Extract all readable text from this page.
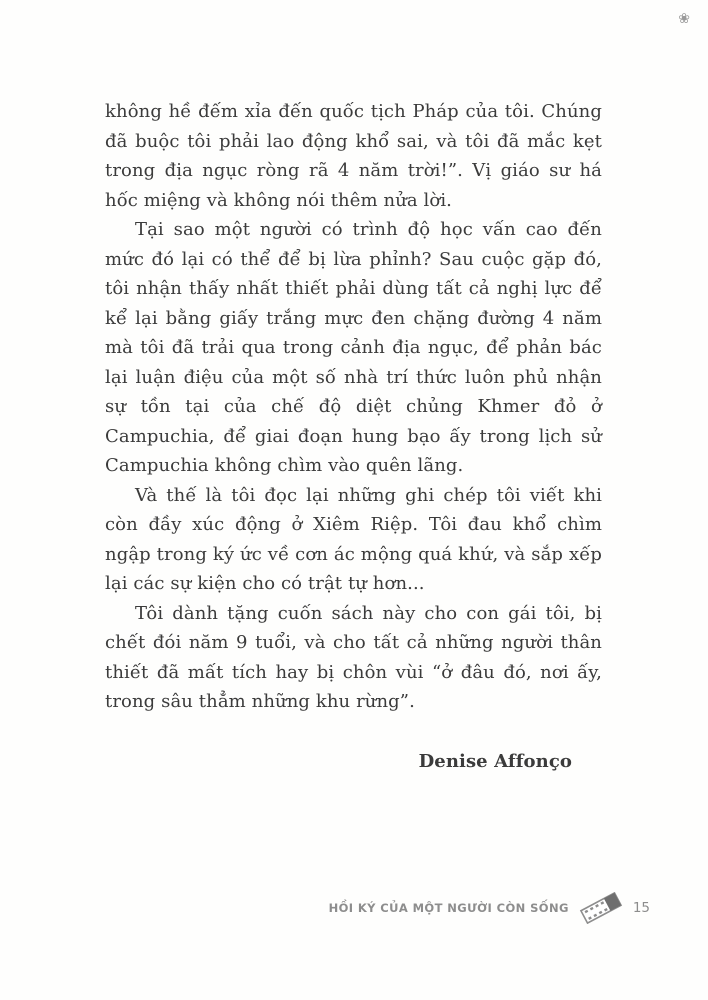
❀

không hề đếm xỉa đến quốc tịch Pháp của tôi. Chúng đã buộc tôi phải lao động khổ sai, và tôi đã mắc kẹt trong địa ngục ròng rã 4 năm trời!”. Vị giáo sư há hốc miệng và không nói thêm nửa lời.

Tại sao một người có trình độ học vấn cao đến mức đó lại có thể để bị lừa phỉnh? Sau cuộc gặp đó, tôi nhận thấy nhất thiết phải dùng tất cả nghị lực để kể lại bằng giấy trắng mực đen chặng đường 4 năm mà tôi đã trải qua trong cảnh địa ngục, để phản bác lại luận điệu của một số nhà trí thức luôn phủ nhận sự tồn tại của chế độ diệt chủng Khmer đỏ ở Campuchia, để giai đoạn hung bạo ấy trong lịch sử Campuchia không chìm vào quên lãng.

Và thế là tôi đọc lại những ghi chép tôi viết khi còn đầy xúc động ở Xiêm Riệp. Tôi đau khổ chìm ngập trong ký ức về cơn ác mộng quá khứ, và sắp xếp lại các sự kiện cho có trật tự hơn...

Tôi dành tặng cuốn sách này cho con gái tôi, bị chết đói năm 9 tuổi, và cho tất cả những người thân thiết đã mất tích hay bị chôn vùi “ở đâu đó, nơi ấy, trong sâu thẳm những khu rừng”.

Denise Affonço

HỒI KÝ CỦA MỘT NGƯỜI CÒN SỐNG	15
